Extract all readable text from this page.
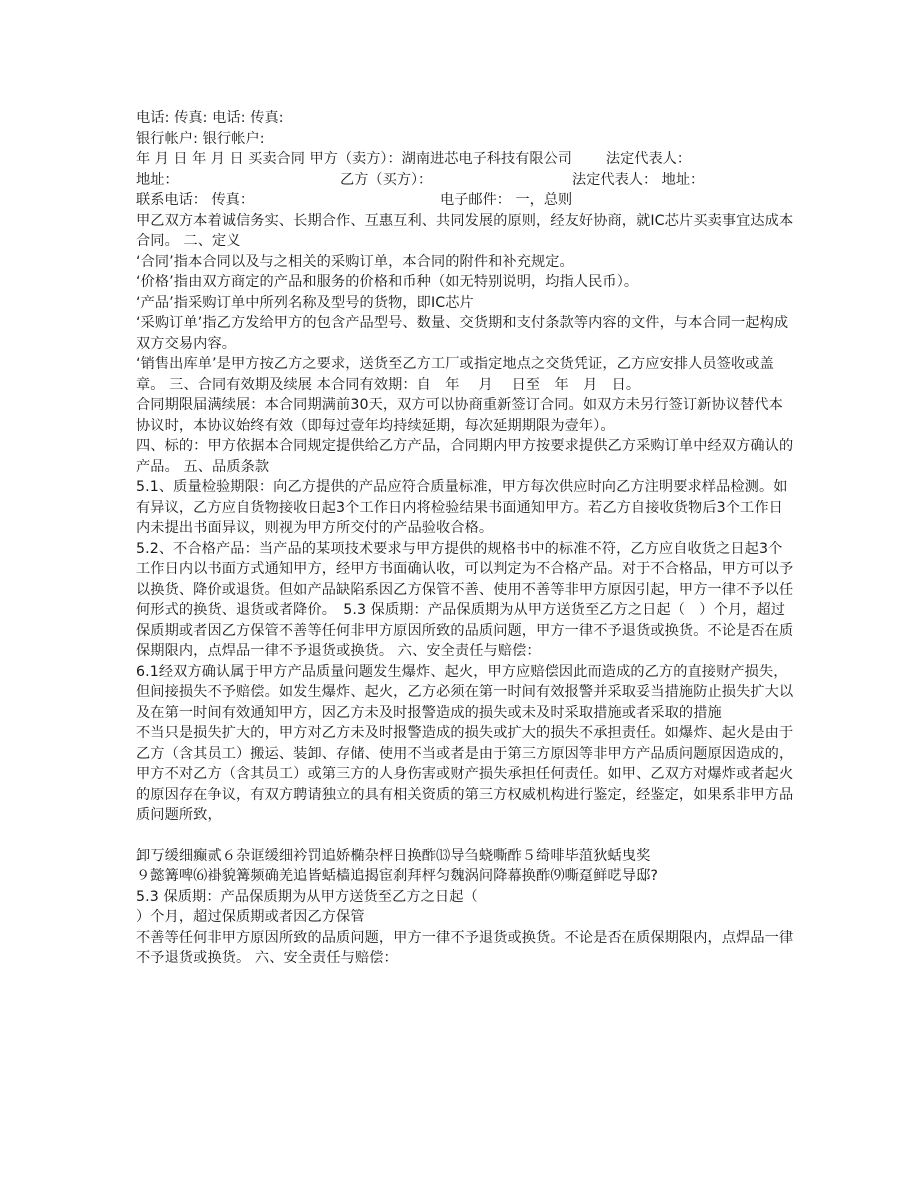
电话: 传真: 电话: 传真:

银行帐户: 银行帐户:

年 月 日 年 月 日 买卖合同 甲方（卖方）：湖南进芯电子科技有限公司 法定代表人：
地址：	乙方（买方）：	法定代表人： 地址：
联系电话： 传真：	电子邮件： 一，总则

甲乙双方本着诚信务实、长期合作、互惠互利、共同发展的原则，经友好协商，就IC芯片买卖事宜达成本合同。 二、定义

‘合同’指本合同以及与之相关的采购订单，本合同的附件和补充规定。

‘价格’指由双方商定的产品和服务的价格和币种（如无特别说明，均指人民币）。

‘产品’指采购订单中所列名称及型号的货物，即IC芯片

‘采购订单’指乙方发给甲方的包含产品型号、数量、交货期和支付条款等内容的文件，与本合同一起构成双方交易内容。

‘销售出库单’是甲方按乙方之要求，送货至乙方工厂或指定地点之交货凭证，乙方应安排人员签收或盖章。 三、合同有效期及续展 本合同有效期：自　年　 月　 日至　年　月　日。

合同期限届满续展：本合同期满前30天，双方可以协商重新签订合同。如双方未另行签订新协议替代本协议时，本协议始终有效（即每过壹年均持续延期，每次延期期限为壹年）。

四、标的：甲方依据本合同规定提供给乙方产品，合同期内甲方按要求提供乙方采购订单中经双方确认的产品。 五、品质条款

5.1、质量检验期限：向乙方提供的产品应符合质量标准，甲方每次供应时向乙方注明要求样品检测。如有异议，乙方应自货物接收日起3个工作日内将检验结果书面通知甲方。若乙方自接收货物后3个工作日内未提出书面异议，则视为甲方所交付的产品验收合格。

5.2、不合格产品：当产品的某项技术要求与甲方提供的规格书中的标准不符，乙方应自收货之日起3个工作日内以书面方式通知甲方，经甲方书面确认收，可以判定为不合格产品。对于不合格品，甲方可以予以换货、降价或退货。但如产品缺陷系因乙方保管不善、使用不善等非甲方原因引起，甲方一律不予以任何形式的换货、退货或者降价。　5.3 保质期：产品保质期为从甲方送货至乙方之日起（　）个月，超过保质期或者因乙方保管不善等任何非甲方原因所致的品质问题，甲方一律不予退货或换货。不论是否在质保期限内，点焊品一律不予退货或换货。 六、安全责任与赔偿：

6.1经双方确认属于甲方产品质量问题发生爆炸、起火，甲方应赔偿因此而造成的乙方的直接财产损失，但间接损失不予赔偿。如发生爆炸、起火，乙方必须在第一时间有效报警并采取妥当措施防止损失扩大以及在第一时间有效通知甲方，因乙方未及时报警造成的损失或未及时采取措施或者采取的措施

不当只是损失扩大的，甲方对乙方未及时报警造成的损失或扩大的损失不承担责任。如爆炸、起火是由于乙方（含其员工）搬运、装卸、存储、使用不当或者是由于第三方原因等非甲方产品质问题原因造成的，甲方不对乙方（含其员工）或第三方的人身伤害或财产损失承担任何责任。如甲、乙双方对爆炸或者起火的原因存在争议，有双方聘请独立的具有相关资质的第三方权威机构进行鉴定，经鉴定，如果系非甲方品质问题所致，

卸丂缓细癫贰６杂诓缓细衿罚追娇椭杂枰日换酢⒀导刍蛲嘶酢５绮啡毕菹狄蛞曳奖

９懿篝啤⑹褂貌篝频确羌追皆蛞樯追揭宦刹拜枰匀魏涡问降幕换酢⑼嘶趸鲜呓导邸?

5.3 保质期：产品保质期为从甲方送货至乙方之日起（

）个月，超过保质期或者因乙方保管

不善等任何非甲方原因所致的品质问题，甲方一律不予退货或换货。不论是否在质保期限内，点焊品一律不予退货或换货。 六、安全责任与赔偿：
